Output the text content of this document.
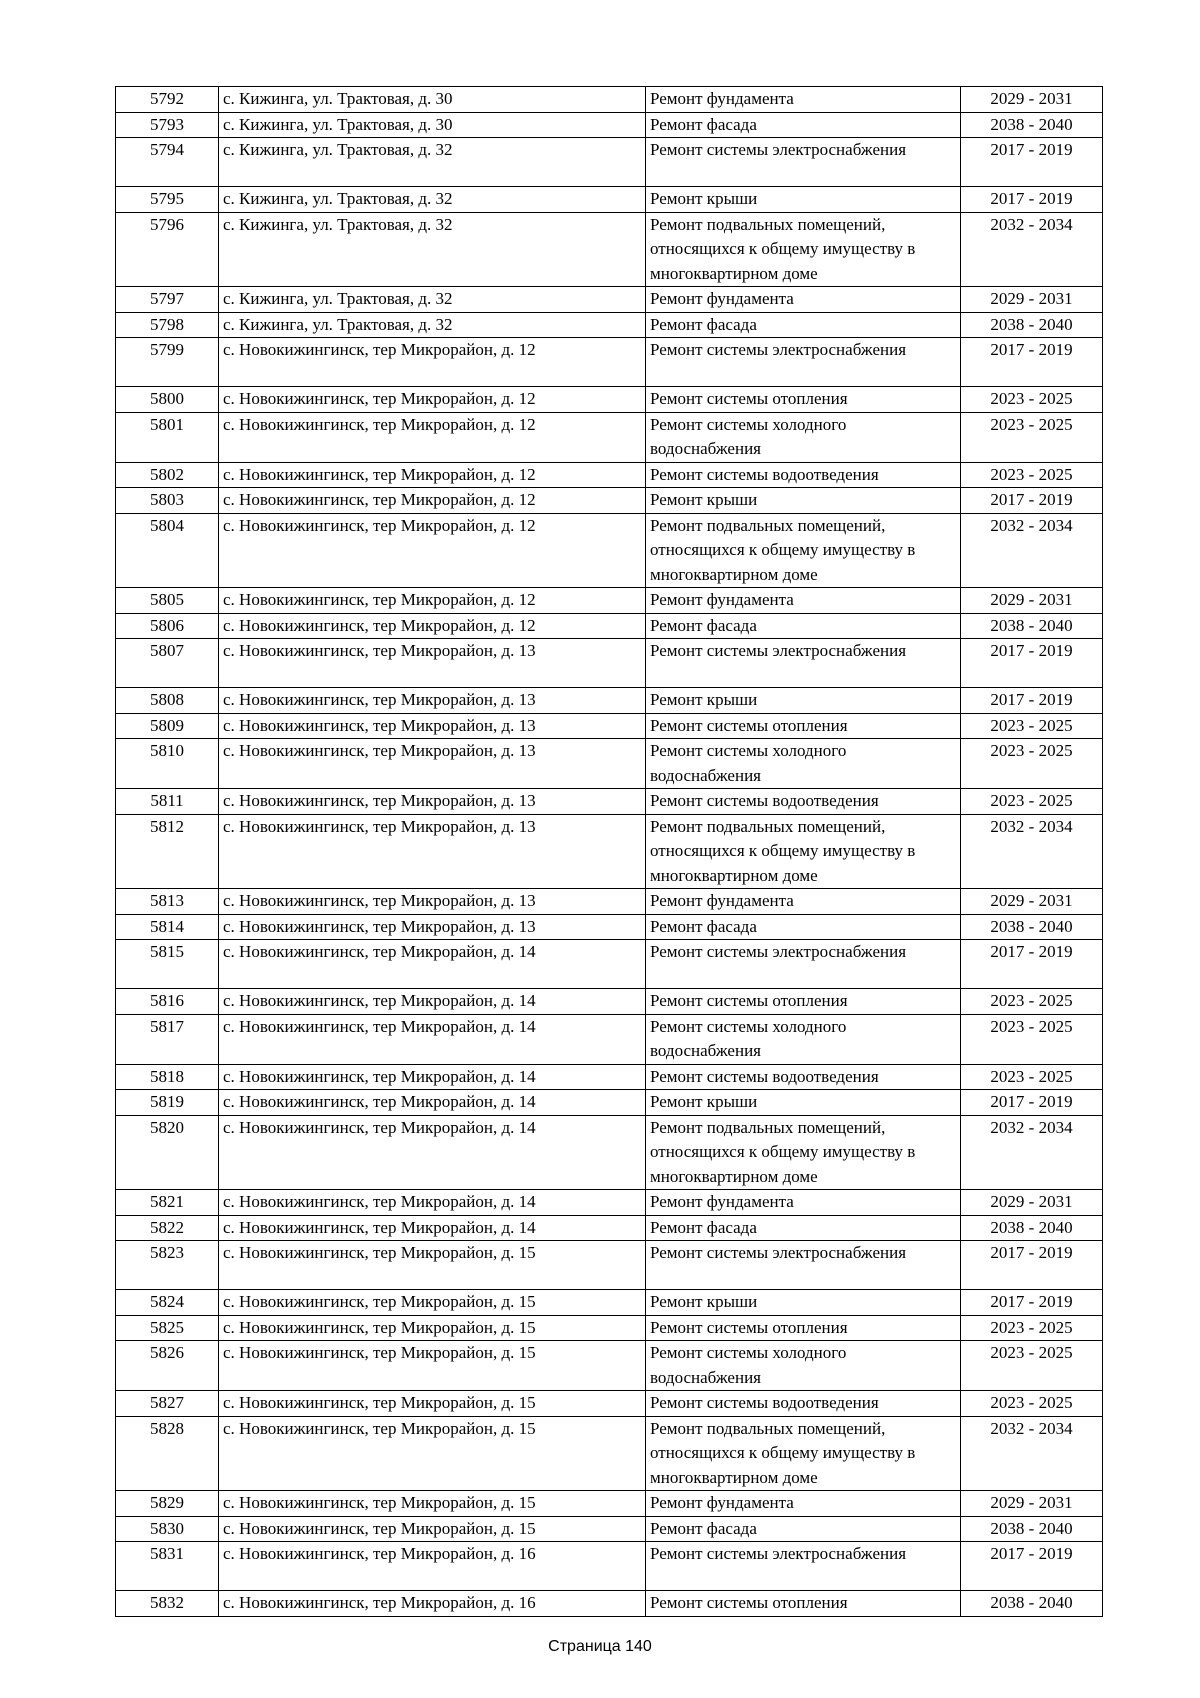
5792	с. Кижинга, ул. Трактовая, д. 30	Ремонт фундамента	2029 - 2031
5793	с. Кижинга, ул. Трактовая, д. 30	Ремонт фасада	2038 - 2040
5794	с. Кижинга, ул. Трактовая, д. 32	Ремонт системы электроснабжения	2017 - 2019
5795	с. Кижинга, ул. Трактовая, д. 32	Ремонт крыши	2017 - 2019
5796	с. Кижинга, ул. Трактовая, д. 32	Ремонт подвальных помещений, относящихся к общему имуществу в многоквартирном доме	2032 - 2034
5797	с. Кижинга, ул. Трактовая, д. 32	Ремонт фундамента	2029 - 2031
5798	с. Кижинга, ул. Трактовая, д. 32	Ремонт фасада	2038 - 2040
5799	с. Новокижингинск, тер Микрорайон, д. 12	Ремонт системы электроснабжения	2017 - 2019
5800	с. Новокижингинск, тер Микрорайон, д. 12	Ремонт системы отопления	2023 - 2025
5801	с. Новокижингинск, тер Микрорайон, д. 12	Ремонт системы холодного водоснабжения	2023 - 2025
5802	с. Новокижингинск, тер Микрорайон, д. 12	Ремонт системы водоотведения	2023 - 2025
5803	с. Новокижингинск, тер Микрорайон, д. 12	Ремонт крыши	2017 - 2019
5804	с. Новокижингинск, тер Микрорайон, д. 12	Ремонт подвальных помещений, относящихся к общему имуществу в многоквартирном доме	2032 - 2034
5805	с. Новокижингинск, тер Микрорайон, д. 12	Ремонт фундамента	2029 - 2031
5806	с. Новокижингинск, тер Микрорайон, д. 12	Ремонт фасада	2038 - 2040
5807	с. Новокижингинск, тер Микрорайон, д. 13	Ремонт системы электроснабжения	2017 - 2019
5808	с. Новокижингинск, тер Микрорайон, д. 13	Ремонт крыши	2017 - 2019
5809	с. Новокижингинск, тер Микрорайон, д. 13	Ремонт системы отопления	2023 - 2025
5810	с. Новокижингинск, тер Микрорайон, д. 13	Ремонт системы холодного водоснабжения	2023 - 2025
5811	с. Новокижингинск, тер Микрорайон, д. 13	Ремонт системы водоотведения	2023 - 2025
5812	с. Новокижингинск, тер Микрорайон, д. 13	Ремонт подвальных помещений, относящихся к общему имуществу в многоквартирном доме	2032 - 2034
5813	с. Новокижингинск, тер Микрорайон, д. 13	Ремонт фундамента	2029 - 2031
5814	с. Новокижингинск, тер Микрорайон, д. 13	Ремонт фасада	2038 - 2040
5815	с. Новокижингинск, тер Микрорайон, д. 14	Ремонт системы электроснабжения	2017 - 2019
5816	с. Новокижингинск, тер Микрорайон, д. 14	Ремонт системы отопления	2023 - 2025
5817	с. Новокижингинск, тер Микрорайон, д. 14	Ремонт системы холодного водоснабжения	2023 - 2025
5818	с. Новокижингинск, тер Микрорайон, д. 14	Ремонт системы водоотведения	2023 - 2025
5819	с. Новокижингинск, тер Микрорайон, д. 14	Ремонт крыши	2017 - 2019
5820	с. Новокижингинск, тер Микрорайон, д. 14	Ремонт подвальных помещений, относящихся к общему имуществу в многоквартирном доме	2032 - 2034
5821	с. Новокижингинск, тер Микрорайон, д. 14	Ремонт фундамента	2029 - 2031
5822	с. Новокижингинск, тер Микрорайон, д. 14	Ремонт фасада	2038 - 2040
5823	с. Новокижингинск, тер Микрорайон, д. 15	Ремонт системы электроснабжения	2017 - 2019
5824	с. Новокижингинск, тер Микрорайон, д. 15	Ремонт крыши	2017 - 2019
5825	с. Новокижингинск, тер Микрорайон, д. 15	Ремонт системы отопления	2023 - 2025
5826	с. Новокижингинск, тер Микрорайон, д. 15	Ремонт системы холодного водоснабжения	2023 - 2025
5827	с. Новокижингинск, тер Микрорайон, д. 15	Ремонт системы водоотведения	2023 - 2025
5828	с. Новокижингинск, тер Микрорайон, д. 15	Ремонт подвальных помещений, относящихся к общему имуществу в многоквартирном доме	2032 - 2034
5829	с. Новокижингинск, тер Микрорайон, д. 15	Ремонт фундамента	2029 - 2031
5830	с. Новокижингинск, тер Микрорайон, д. 15	Ремонт фасада	2038 - 2040
5831	с. Новокижингинск, тер Микрорайон, д. 16	Ремонт системы электроснабжения	2017 - 2019
5832	с. Новокижингинск, тер Микрорайон, д. 16	Ремонт системы отопления	2038 - 2040
Страница 140
